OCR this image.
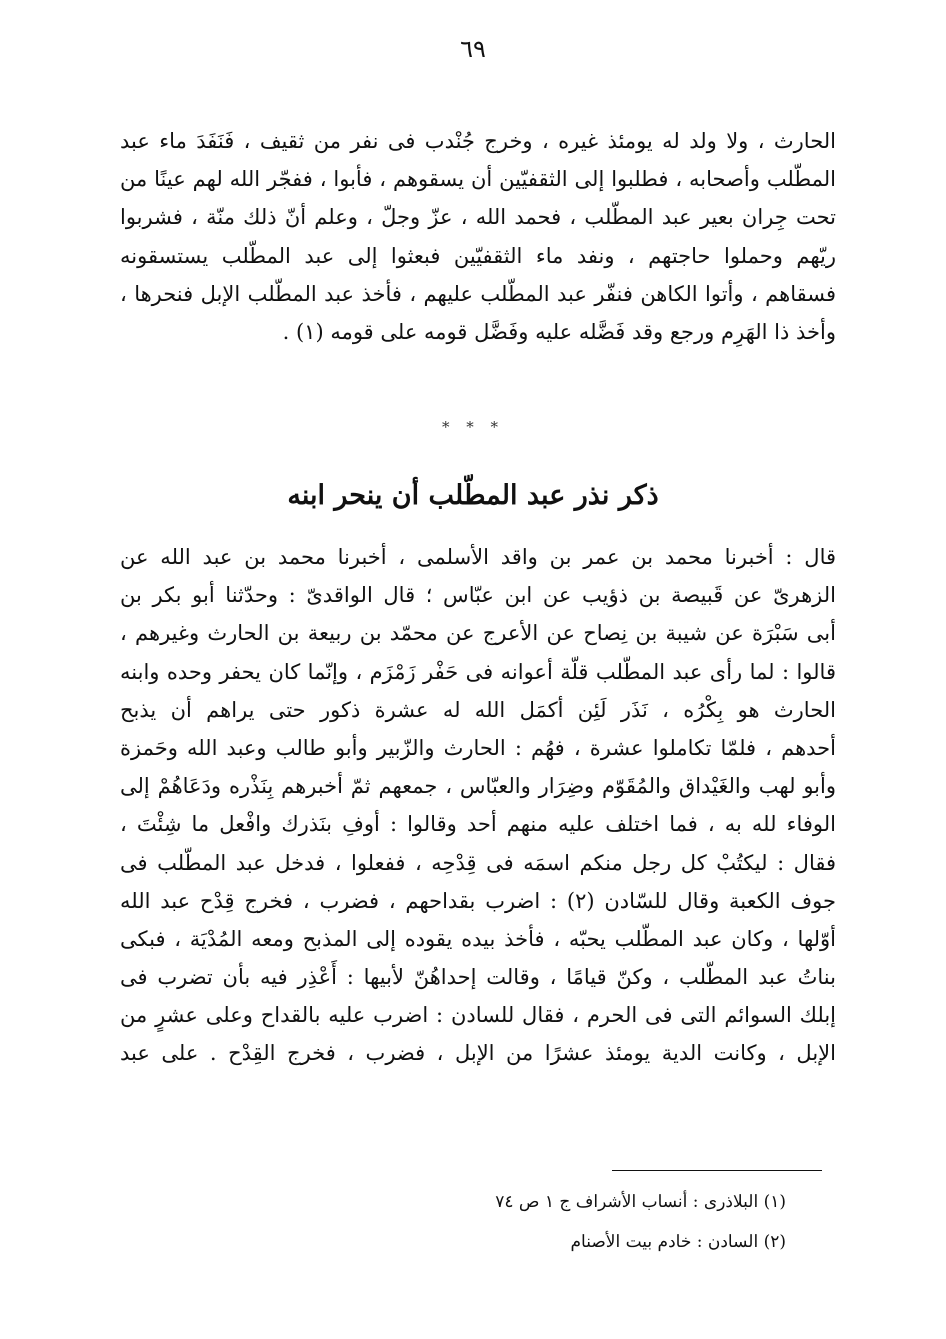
٦٩
الحارث ، ولا ولد له يومئذ غيره ، وخرج جُنْدب فى نفر من ثقيف ، فَنَفَدَ ماء عبد
المطّلب وأصحابه ، فطلبوا إلى الثقفيّين أن يسقوهم ، فأبوا ، ففجّر الله لهم عينًا من
تحت جِران بعير عبد المطّلب ، فحمد الله ، عزّ وجلّ ، وعلم أنّ ذلك منّة ، فشربوا
ريّهم وحملوا حاجتهم ، ونفد ماء الثقفيّين فبعثوا إلى عبد المطّلب يستسقونه
فسقاهم ، وأتوا الكاهن فنفّر عبد المطّلب عليهم ، فأخذ عبد المطّلب الإبل فنحرها ،
وأخذ ذا الهَرِم ورجع وقد فَضَّله عليه وفَضَّل قومه على قومه (١) .
* * *
ذكر نذر عبد المطّلب أن ينحر ابنه
قال : أخبرنا محمد بن عمر بن واقد الأسلمى ، أخبرنا محمد بن عبد الله عن
الزهرىّ عن قَبيصة بن ذؤيب عن ابن عبّاس ؛ قال الواقدىّ : وحدّثنا أبو بكر بن
أبى سَبْرَة عن شيبة بن نِصاح عن الأعرج عن محمّد بن ربيعة بن الحارث وغيرهم ،
قالوا : لما رأى عبد المطّلب قلّة أعوانه فى حَفْر زَمْزَم ، وإنّما كان يحفر وحده وابنه
الحارث هو بِكْرُه ، نَذَر لَئِن أكمَل الله له عشرة ذكور حتى يراهم أن يذبح
أحدهم ، فلمّا تكاملوا عشرة ، فهُم : الحارث والزّبير وأبو طالب وعبد الله وحَمزة
وأبو لهب والغَيْداق والمُقَوّم وضِرَار والعبّاس ، جمعهم ثمّ أخبرهم بِنَذْره ودَعَاهُمْ إلى
الوفاء لله به ، فما اختلف عليه منهم أحد وقالوا : أوفِ بنَذرك وافْعل ما شِئْتَ ،
فقال : ليكتُبْ كل رجل منكم اسمَه فى قِدْحِه ، ففعلوا ، فدخل عبد المطّلب فى
جوف الكعبة وقال للسّادن (٢) : اضرب بقداحهم ، فضرب ، فخرج قِدْح عبد الله
أوّلها ، وكان عبد المطّلب يحبّه ، فأخذ بيده يقوده إلى المذبح ومعه المُدْيَة ، فبكى
بناتُ عبد المطّلب ، وكنّ قيامًا ، وقالت إحداهُنّ لأبيها : أَعْذِر فيه بأن تضرب فى
إبلك السوائم التى فى الحرم ، فقال للسادن : اضرب عليه بالقداح وعلى عشرٍ من
الإبل ، وكانت الدية يومئذ عشرًا من الإبل ، فضرب ، فخرج القِدْح . على عبد
(١) البلاذرى : أنساب الأشراف ج ١ ص ٧٤
(٢) السادن : خادم بيت الأصنام
